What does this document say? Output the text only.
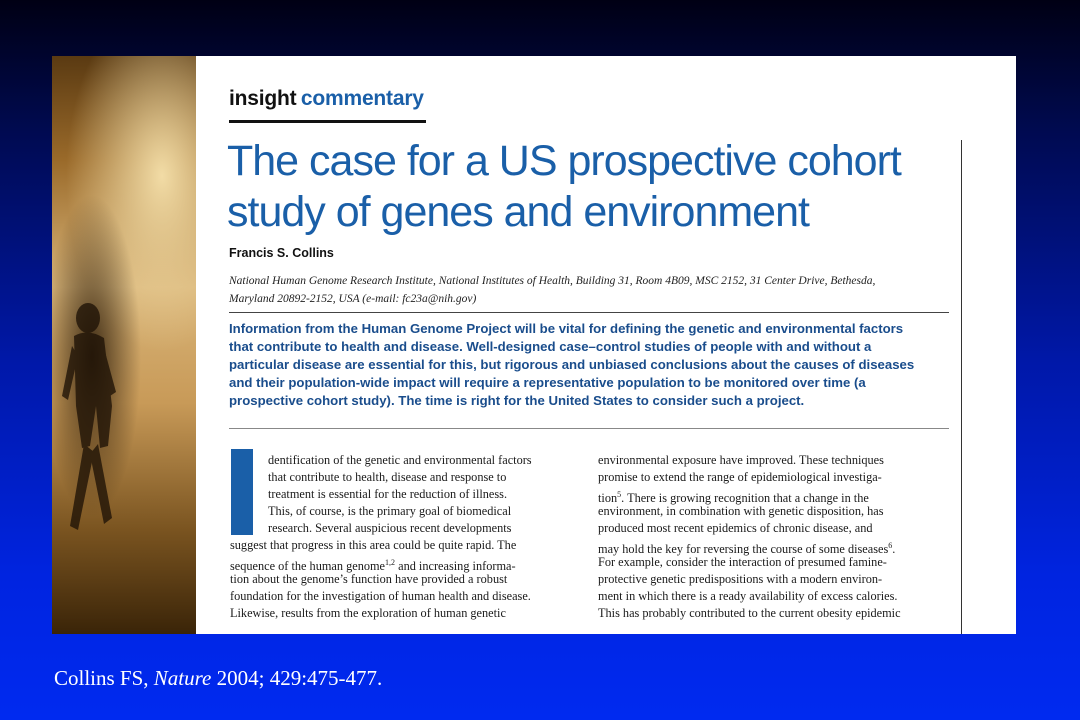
insight commentary
The case for a US prospective cohort
study of genes and environment
Francis S. Collins
National Human Genome Research Institute, National Institutes of Health, Building 31, Room 4B09, MSC 2152, 31 Center Drive, Bethesda,
Maryland 20892-2152, USA (e-mail: fc23a@nih.gov)
Information from the Human Genome Project will be vital for defining the genetic and environmental factors
that contribute to health and disease. Well-designed case–control studies of people with and without a
particular disease are essential for this, but rigorous and unbiased conclusions about the causes of diseases
and their population-wide impact will require a representative population to be monitored over time (a
prospective cohort study). The time is right for the United States to consider such a project.
dentification of the genetic and environmental factors
that contribute to health, disease and response to
treatment is essential for the reduction of illness.
This, of course, is the primary goal of biomedical
research. Several auspicious recent developments
suggest that progress in this area could be quite rapid. The
sequence of the human genome$^{1,2}$ and increasing informa-
tion about the genome’s function have provided a robust
foundation for the investigation of human health and disease.
Likewise, results from the exploration of human genetic
environmental exposure have improved. These techniques
promise to extend the range of epidemiological investiga-
tion$^5$. There is growing recognition that a change in the
environment, in combination with genetic disposition, has
produced most recent epidemics of chronic disease, and
may hold the key for reversing the course of some diseases$^6$.
For example, consider the interaction of presumed famine-
protective genetic predispositions with a modern environ-
ment in which there is a ready availability of excess calories.
This has probably contributed to the current obesity epidemic
Collins FS, Nature 2004; 429:475-477.
